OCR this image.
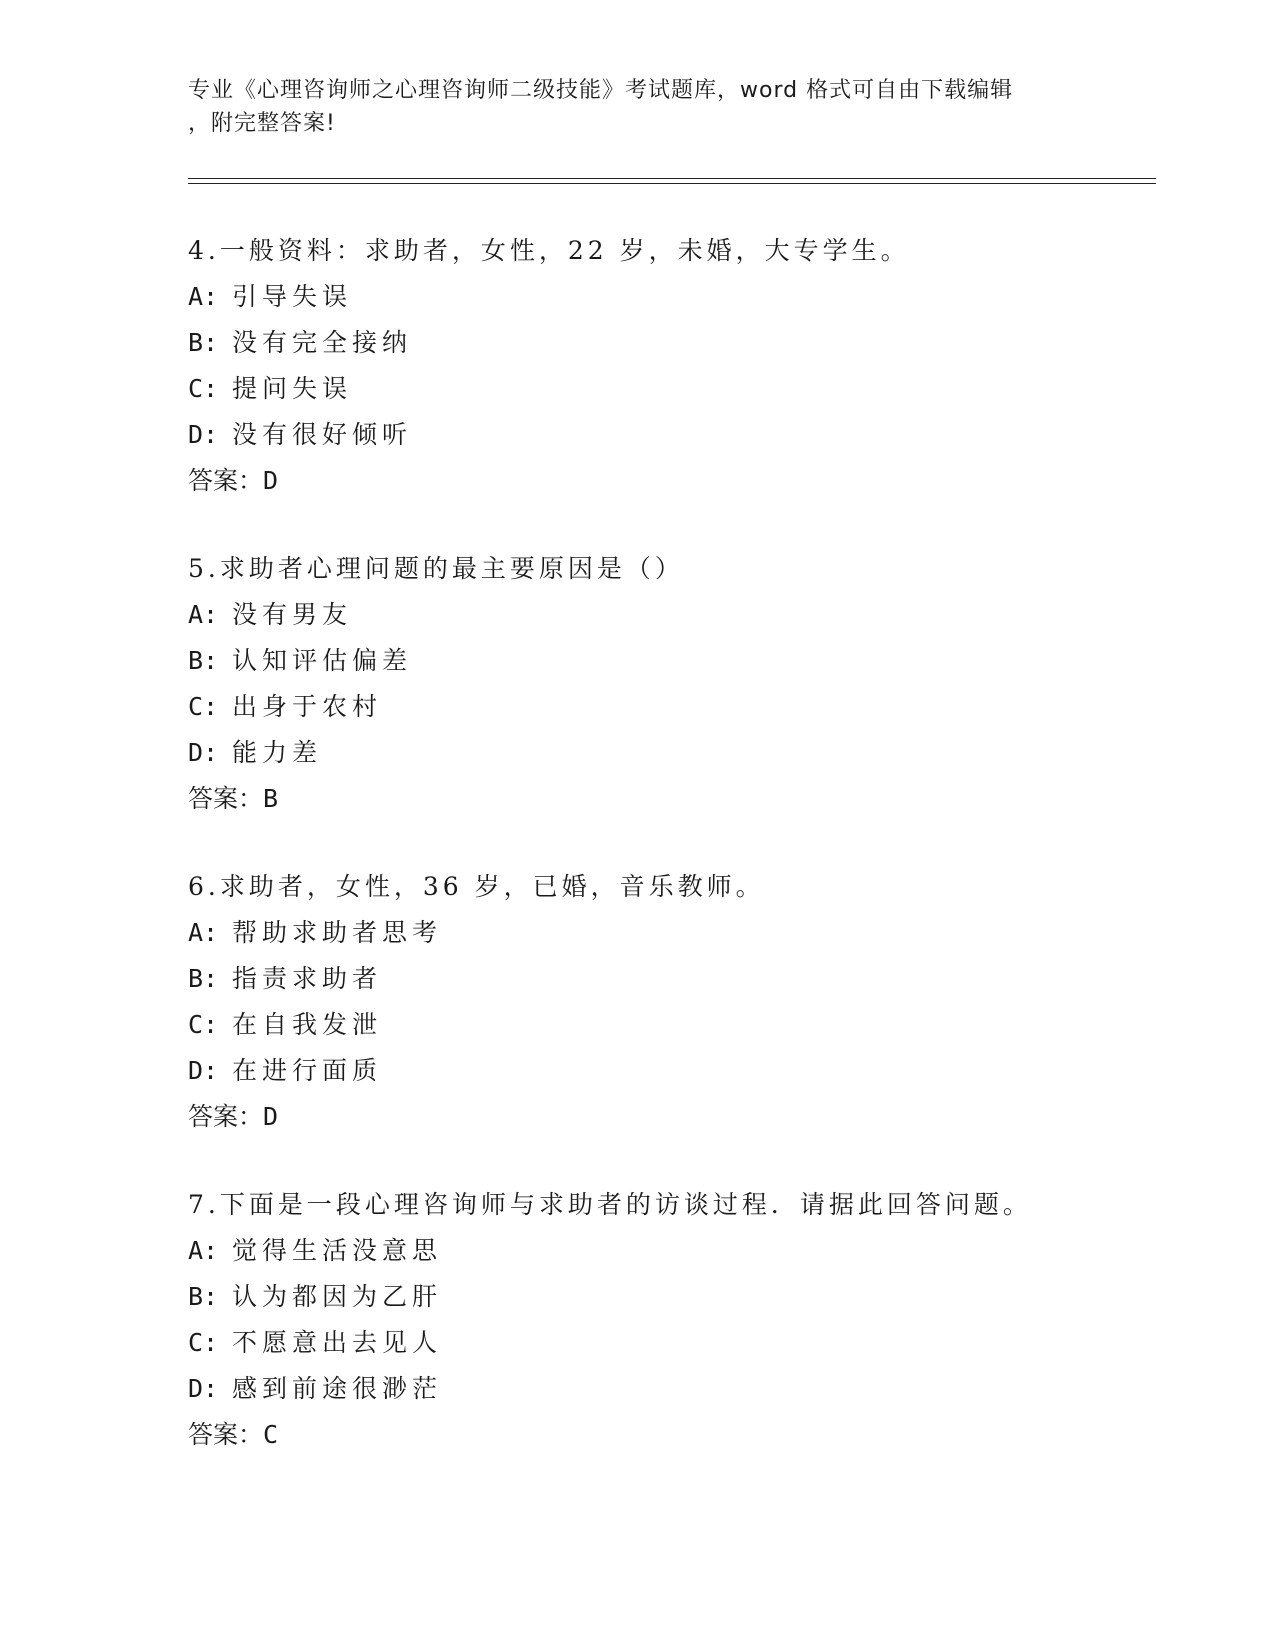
专业《心理咨询师之心理咨询师二级技能》考试题库，word 格式可自由下载编辑
，附完整答案!
4.一般资料：求助者，女性，22 岁，未婚，大专学生。
A: 引导失误
B: 没有完全接纳
C: 提问失误
D: 没有很好倾听
答案：D
5.求助者心理问题的最主要原因是（）
A: 没有男友
B: 认知评估偏差
C: 出身于农村
D: 能力差
答案：B
6.求助者，女性，36 岁，已婚，音乐教师。
A: 帮助求助者思考
B: 指责求助者
C: 在自我发泄
D: 在进行面质
答案：D
7.下面是一段心理咨询师与求助者的访谈过程．请据此回答问题。
A: 觉得生活没意思
B: 认为都因为乙肝
C: 不愿意出去见人
D: 感到前途很渺茫
答案：C
